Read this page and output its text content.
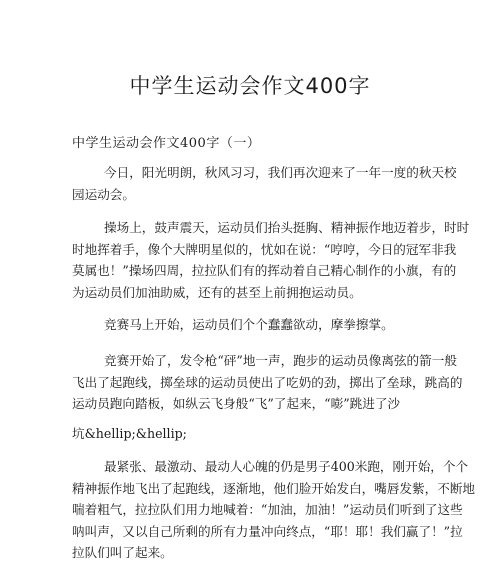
中学生运动会作文400字
中学生运动会作文400字（一）
今日，阳光明朗，秋风习习，我们再次迎来了一年一度的秋天校
园运动会。
操场上，鼓声震天，运动员们抬头挺胸、精神振作地迈着步，时时
时地挥着手，像个大牌明星似的，忧如在说：“哼哼，今日的冠军非我
莫属也！”操场四周，拉拉队们有的挥动着自己精心制作的小旗，有的
为运动员们加油助威，还有的甚至上前拥抱运动员。
竞赛马上开始，运动员们个个蠢蠢欲动，摩拳擦掌。
竞赛开始了，发令枪“砰”地一声，跑步的运动员像离弦的箭一般
飞出了起跑线，掷垒球的运动员使出了吃奶的劲，掷出了垒球，跳高的
运动员跑向踏板，如纵云飞身般“飞”了起来，“嘭”跳进了沙
坑&hellip;&hellip;
最紧张、最激动、最动人心魄的仍是男子400米跑，刚开始，个个
精神振作地飞出了起跑线，逐渐地，他们脸开始发白，嘴唇发紫，不断地
喘着粗气，拉拉队们用力地喊着：“加油，加油！”运动员们听到了这些
呐叫声，又以自己所剩的所有力量冲向终点，“耶！耶！我们赢了！”拉
拉队们叫了起来。
